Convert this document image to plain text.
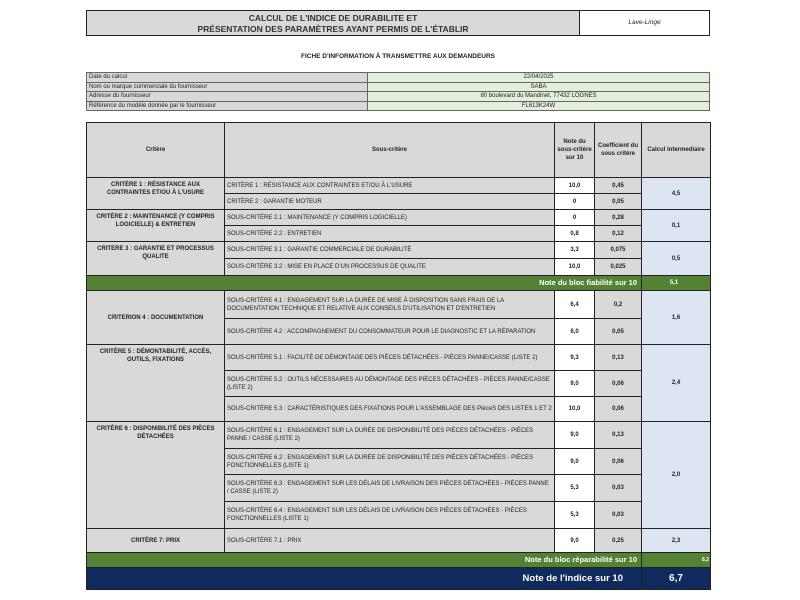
CALCUL DE L'INDICE DE DURABILITE ET
PRÉSENTATION DES PARAMÈTRES AYANT PERMIS DE L'ÉTABLIR
Lave-Linge
FICHE D'INFORMATION À TRANSMETTRE AUX DEMANDEURS
Date du calcul	22/04/2025
Nom ou marque commerciale du fournisseur	SABA
Adresse du fournisseur	80 boulevard du Mandinet, 77432 LOGNES
Référence du modèle donnée par le fournisseur	FL613K24W
Critère	Sous-critère	Note du sous-critère sur 10	Coefficient du sous critère	Calcul intermediaire
CRITÈRE 1 : RÉSISTANCE AUX CONTRAINTES ET/OU À L'USURE	CRITÈRE 1 : RÉSISTANCE AUX CONTRAINTES ET/OU À L'USURE	10,0	0,45	4,5
	CRITÈRE 2 : GARANTIE MOTEUR	0	0,05	
CRITÈRE 2 : MAINTENANCE (Y COMPRIS LOGICIELLE) & ENTRETIEN	SOUS-CRITÈRE 2.1 : MAINTENANCE (Y COMPRIS LOGICIELLE)	0	0,28	0,1
	SOUS-CRITÈRE 2.2 : ENTRETIEN	0,8	0,12	
CRITERE 3 : GARANTIE ET PROCESSUS QUALITE	SOUS-CRITÈRE 3.1 : GARANTIE COMMERCIALE DE DURABILITÉ	3,3	0,075	0,5
	SOUS-CRITÈRE 3.2 : MISE EN PLACE D'UN PROCESSUS DE QUALITE	10,0	0,025	
Note du bloc fiabilité sur 10				5,1
CRITERION 4 : DOCUMENTATION	SOUS-CRITÈRE 4.1 : ENGAGEMENT SUR LA DURÉE DE MISE À DISPOSITION SANS FRAIS DE LA DOCUMENTATION TECHNIQUE ET RELATIVE AUX CONSEILS D'UTILISATION ET D'ENTRETIEN	6,4	0,2	1,6
	SOUS-CRITÈRE 4.2 : ACCOMPAGNEMENT DU CONSOMMATEUR POUR LE DIAGNOSTIC ET LA RÉPARATION	6,0	0,05	
CRITÈRE 5 : DÉMONTABILITÉ, ACCÈS, OUTILS, FIXATIONS	SOUS-CRITÈRE 5.1 : FACILITÉ DE DÉMONTAGE DES PIÈCES DÉTACHÉES - PIÈCES PANNE/CASSE (LISTE 2)	9,3	0,13	2,4
	SOUS-CRITÈRE 5.2 : OUTILS NÉCESSAIRES AU DÉMONTAGE DES PIÈCES DÉTACHÉES - PIÈCES PANNE/CASSE (LISTE 2)	9,0	0,06	
	SOUS-CRITÈRE 5.3 : CARACTÉRISTIQUES DES FIXATIONS POUR L'ASSEMBLAGE DES PièceS DES LISTES 1 ET 2	10,0	0,06	
CRITÈRE 6 : DISPONIBILITÉ DES PIÈCES DÉTACHÉES	SOUS-CRITÈRE 6.1 : ENGAGEMENT SUR LA DURÉE DE DISPONIBILITÉ DES PIÈCES DÉTACHÉES - PIÈCES PANNE / CASSE (LISTE 2)	9,0	0,13	2,0
	SOUS-CRITÈRE 6.2 : ENGAGEMENT SUR LA DURÉE DE DISPONIBILITÉ DES PIÈCES DÉTACHÉES - PIÈCES FONCTIONNELLES (LISTE 1)	9,0	0,06	
	SOUS-CRITÈRE 6.3 : ENGAGEMENT SUR LES DÉLAIS DE LIVRAISON DES PIÈCES DÉTACHÉES - PIÈCES PANNE / CASSE (LISTE 2)	5,3	0,03	
	SOUS-CRITÈRE 6.4 : ENGAGEMENT SUR LES DÉLAIS DE LIVRAISON DES PIÈCES DÉTACHÉES - PIÈCES FONCTIONNELLES (LISTE 1)	5,3	0,03	
CRITÈRE 7: PRIX	SOUS-CRITÈRE 7.1 : PRIX	9,0	0,25	2,3
Note du bloc réparabilité sur 10				8,2
Note de l'indice sur 10				6,7
